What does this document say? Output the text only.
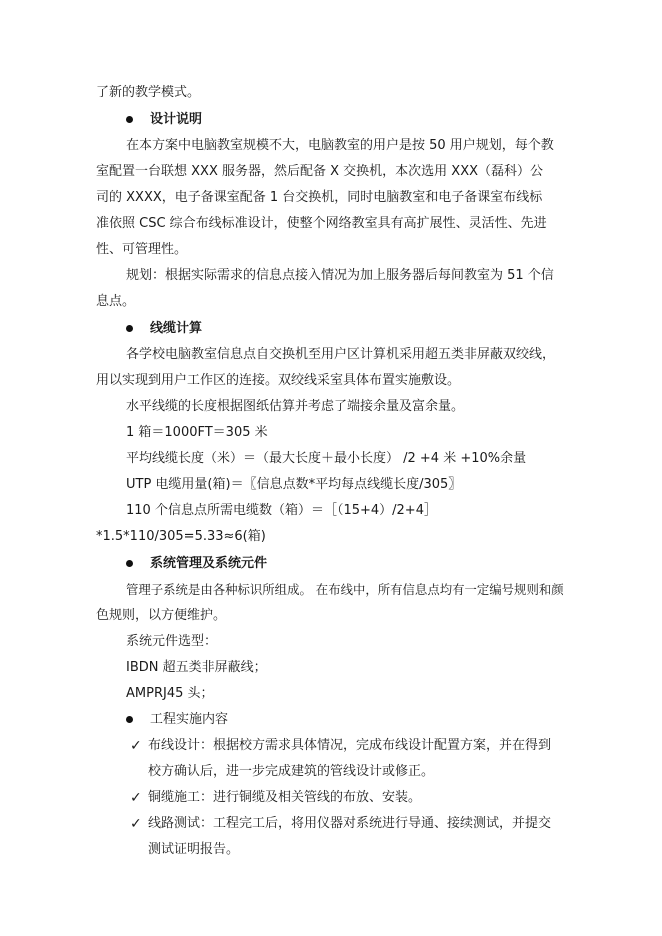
了新的教学模式。
设计说明
在本方案中电脑教室规模不大，电脑教室的用户是按 50 用户规划，每个教
室配置一台联想 XXX 服务器，然后配备 X 交换机，本次选用 XXX（磊科）公
司的 XXXX，电子备课室配备 1 台交换机，同时电脑教室和电子备课室布线标
准依照 CSC 综合布线标准设计，使整个网络教室具有高扩展性、灵活性、先进
性、可管理性。
规划：根据实际需求的信息点接入情况为加上服务器后每间教室为 51 个信
息点。
线缆计算
各学校电脑教室信息点自交换机至用户区计算机采用超五类非屏蔽双绞线，
用以实现到用户工作区的连接。双绞线采室具体布置实施敷设。
水平线缆的长度根据图纸估算并考虑了端接余量及富余量。
1 箱＝1000FT＝305 米
平均线缆长度（米）＝（最大长度＋最小长度） /2 +4 米 +10%余量
UTP 电缆用量(箱)＝〖信息点数*平均每点线缆长度/305〗
110 个信息点所需电缆数（箱）＝［（15+4）/2+4］
*1.5*110/305=5.33≈6(箱)
系统管理及系统元件
管理子系统是由各种标识所组成。 在布线中，所有信息点均有一定编号规则和颜
色规则，以方便维护。
系统元件选型：
IBDN 超五类非屏蔽线；
AMPRJ45 头；
工程实施内容
✓ 布线设计：根据校方需求具体情况，完成布线设计配置方案，并在得到
校方确认后，进一步完成建筑的管线设计或修正。
✓ 铜缆施工：进行铜缆及相关管线的布放、安装。
✓ 线路测试：工程完工后，将用仪器对系统进行导通、接续测试，并提交
测试证明报告。
